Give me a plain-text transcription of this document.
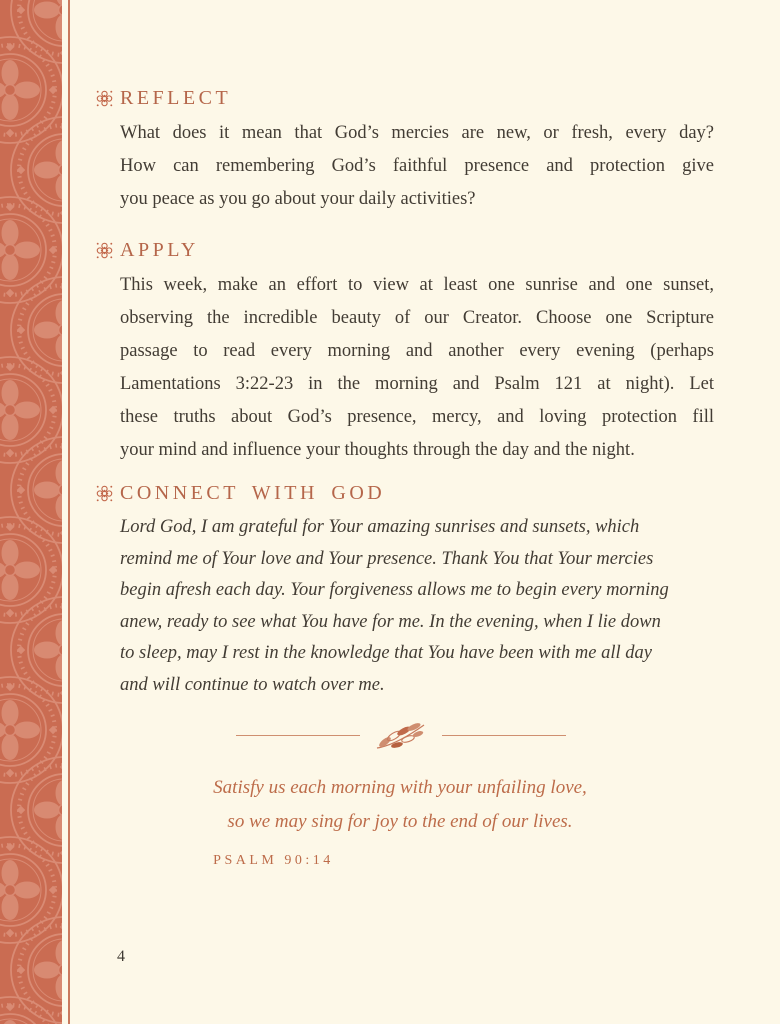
REFLECT
What does it mean that God’s mercies are new, or fresh, every day?
How can remembering God’s faithful presence and protection give
you peace as you go about your daily activities?
APPLY
This week, make an effort to view at least one sunrise and one sunset,
observing the incredible beauty of our Creator. Choose one Scripture
passage to read every morning and another every evening (perhaps
Lamentations 3:22-23 in the morning and Psalm 121 at night). Let
these truths about God’s presence, mercy, and loving protection fill
your mind and influence your thoughts through the day and the night.
CONNECT WITH GOD
Lord God, I am grateful for Your amazing sunrises and sunsets, which
remind me of Your love and Your presence. Thank You that Your mercies
begin afresh each day. Your forgiveness allows me to begin every morning
anew, ready to see what You have for me. In the evening, when I lie down
to sleep, may I rest in the knowledge that You have been with me all day
and will continue to watch over me.
Satisfy us each morning with your unfailing love,
so we may sing for joy to the end of our lives.
PSALM 90:14
4
